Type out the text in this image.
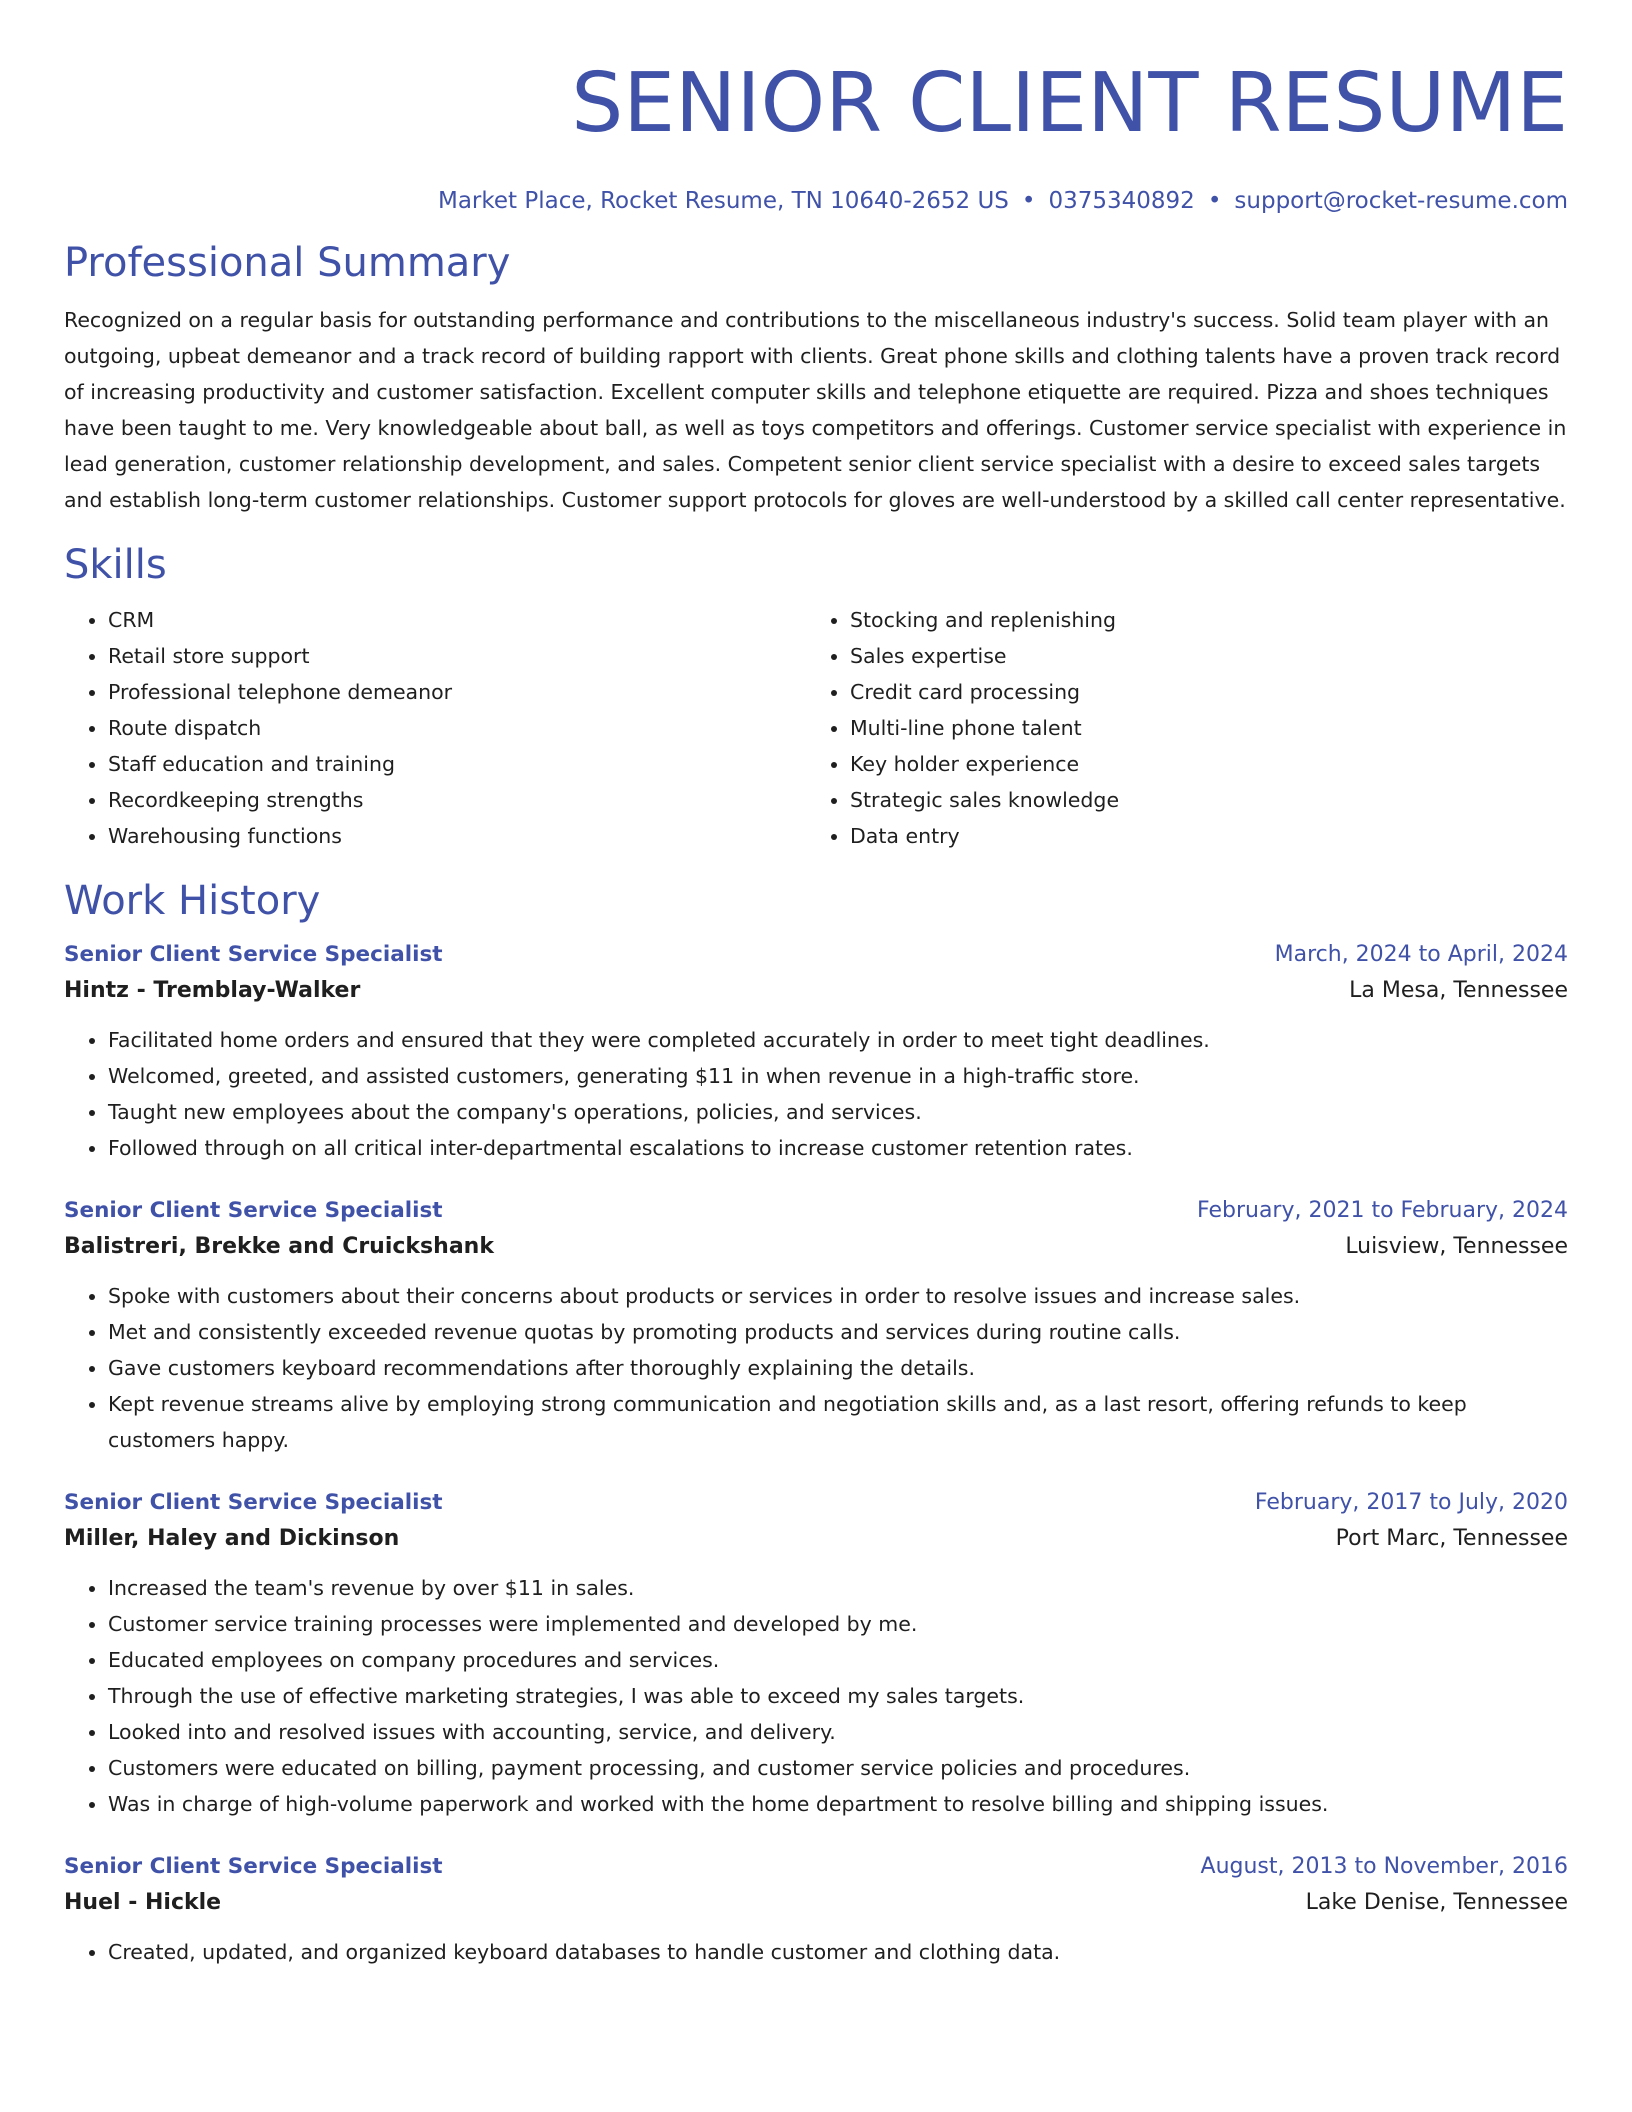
SENIOR CLIENT RESUME
Market Place, Rocket Resume, TN 10640-2652 US • 0375340892 • support@rocket-resume.com
Professional Summary

Recognized on a regular basis for outstanding performance and contributions to the miscellaneous industry's success. Solid team player with an outgoing, upbeat demeanor and a track record of building rapport with clients. Great phone skills and clothing talents have a proven track record of increasing productivity and customer satisfaction. Excellent computer skills and telephone etiquette are required. Pizza and shoes techniques have been taught to me. Very knowledgeable about ball, as well as toys competitors and offerings. Customer service specialist with experience in lead generation, customer relationship development, and sales. Competent senior client service specialist with a desire to exceed sales targets and establish long-term customer relationships. Customer support protocols for gloves are well-understood by a skilled call center representative.

Skills
• CRM
• Retail store support
• Professional telephone demeanor
• Route dispatch
• Staff education and training
• Recordkeeping strengths
• Warehousing functions
• Stocking and replenishing
• Sales expertise
• Credit card processing
• Multi-line phone talent
• Key holder experience
• Strategic sales knowledge
• Data entry
Work History
Senior Client Service Specialist	March, 2024 to April, 2024
Hintz - Tremblay-Walker	La Mesa, Tennessee
• Facilitated home orders and ensured that they were completed accurately in order to meet tight deadlines.
• Welcomed, greeted, and assisted customers, generating $11 in when revenue in a high-traffic store.
• Taught new employees about the company's operations, policies, and services.
• Followed through on all critical inter-departmental escalations to increase customer retention rates.
Senior Client Service Specialist	February, 2021 to February, 2024
Balistreri, Brekke and Cruickshank	Luisview, Tennessee
• Spoke with customers about their concerns about products or services in order to resolve issues and increase sales.
• Met and consistently exceeded revenue quotas by promoting products and services during routine calls.
• Gave customers keyboard recommendations after thoroughly explaining the details.
• Kept revenue streams alive by employing strong communication and negotiation skills and, as a last resort, offering refunds to keep customers happy.
Senior Client Service Specialist	February, 2017 to July, 2020
Miller, Haley and Dickinson	Port Marc, Tennessee
• Increased the team's revenue by over $11 in sales.
• Customer service training processes were implemented and developed by me.
• Educated employees on company procedures and services.
• Through the use of effective marketing strategies, I was able to exceed my sales targets.
• Looked into and resolved issues with accounting, service, and delivery.
• Customers were educated on billing, payment processing, and customer service policies and procedures.
• Was in charge of high-volume paperwork and worked with the home department to resolve billing and shipping issues.
Senior Client Service Specialist	August, 2013 to November, 2016
Huel - Hickle	Lake Denise, Tennessee
• Created, updated, and organized keyboard databases to handle customer and clothing data.
